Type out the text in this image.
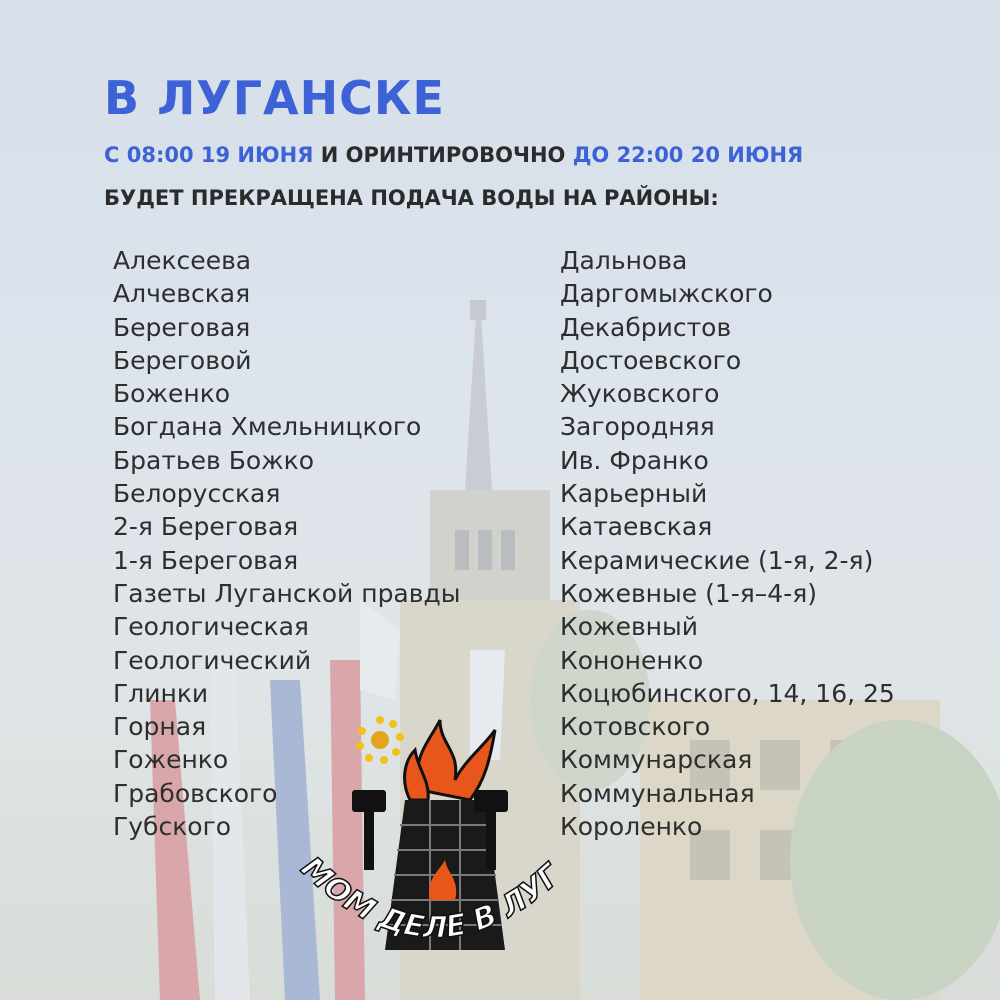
В ЛУГАНСКЕ

С 08:00 19 ИЮНЯ И ОРИНТИРОВОЧНО ДО 22:00 20 ИЮНЯ

БУДЕТ ПРЕКРАЩЕНА ПОДАЧА ВОДЫ НА РАЙОНЫ:

Алексеева
Алчевская
Береговая
Береговой
Боженко
Богдана Хмельницкого
Братьев Божко
Белорусская
2-я Береговая
1-я Береговая
Газеты Луганской правды
Геологическая
Геологический
Глинки
Горная
Гоженко
Грабовского
Губского
Дальнова
Даргомыжского
Декабристов
Достоевского
Жуковского
Загородняя
Ив. Франко
Карьерный
Катаевская
Керамические (1-я, 2-я)
Кожевные (1-я–4-я)
Кожевный
Кононенко
Коцюбинского, 14, 16, 25
Котовского
Коммунарская
Коммунальная
Короленко
МОМ ДЕЛЕ В ЛУГ
